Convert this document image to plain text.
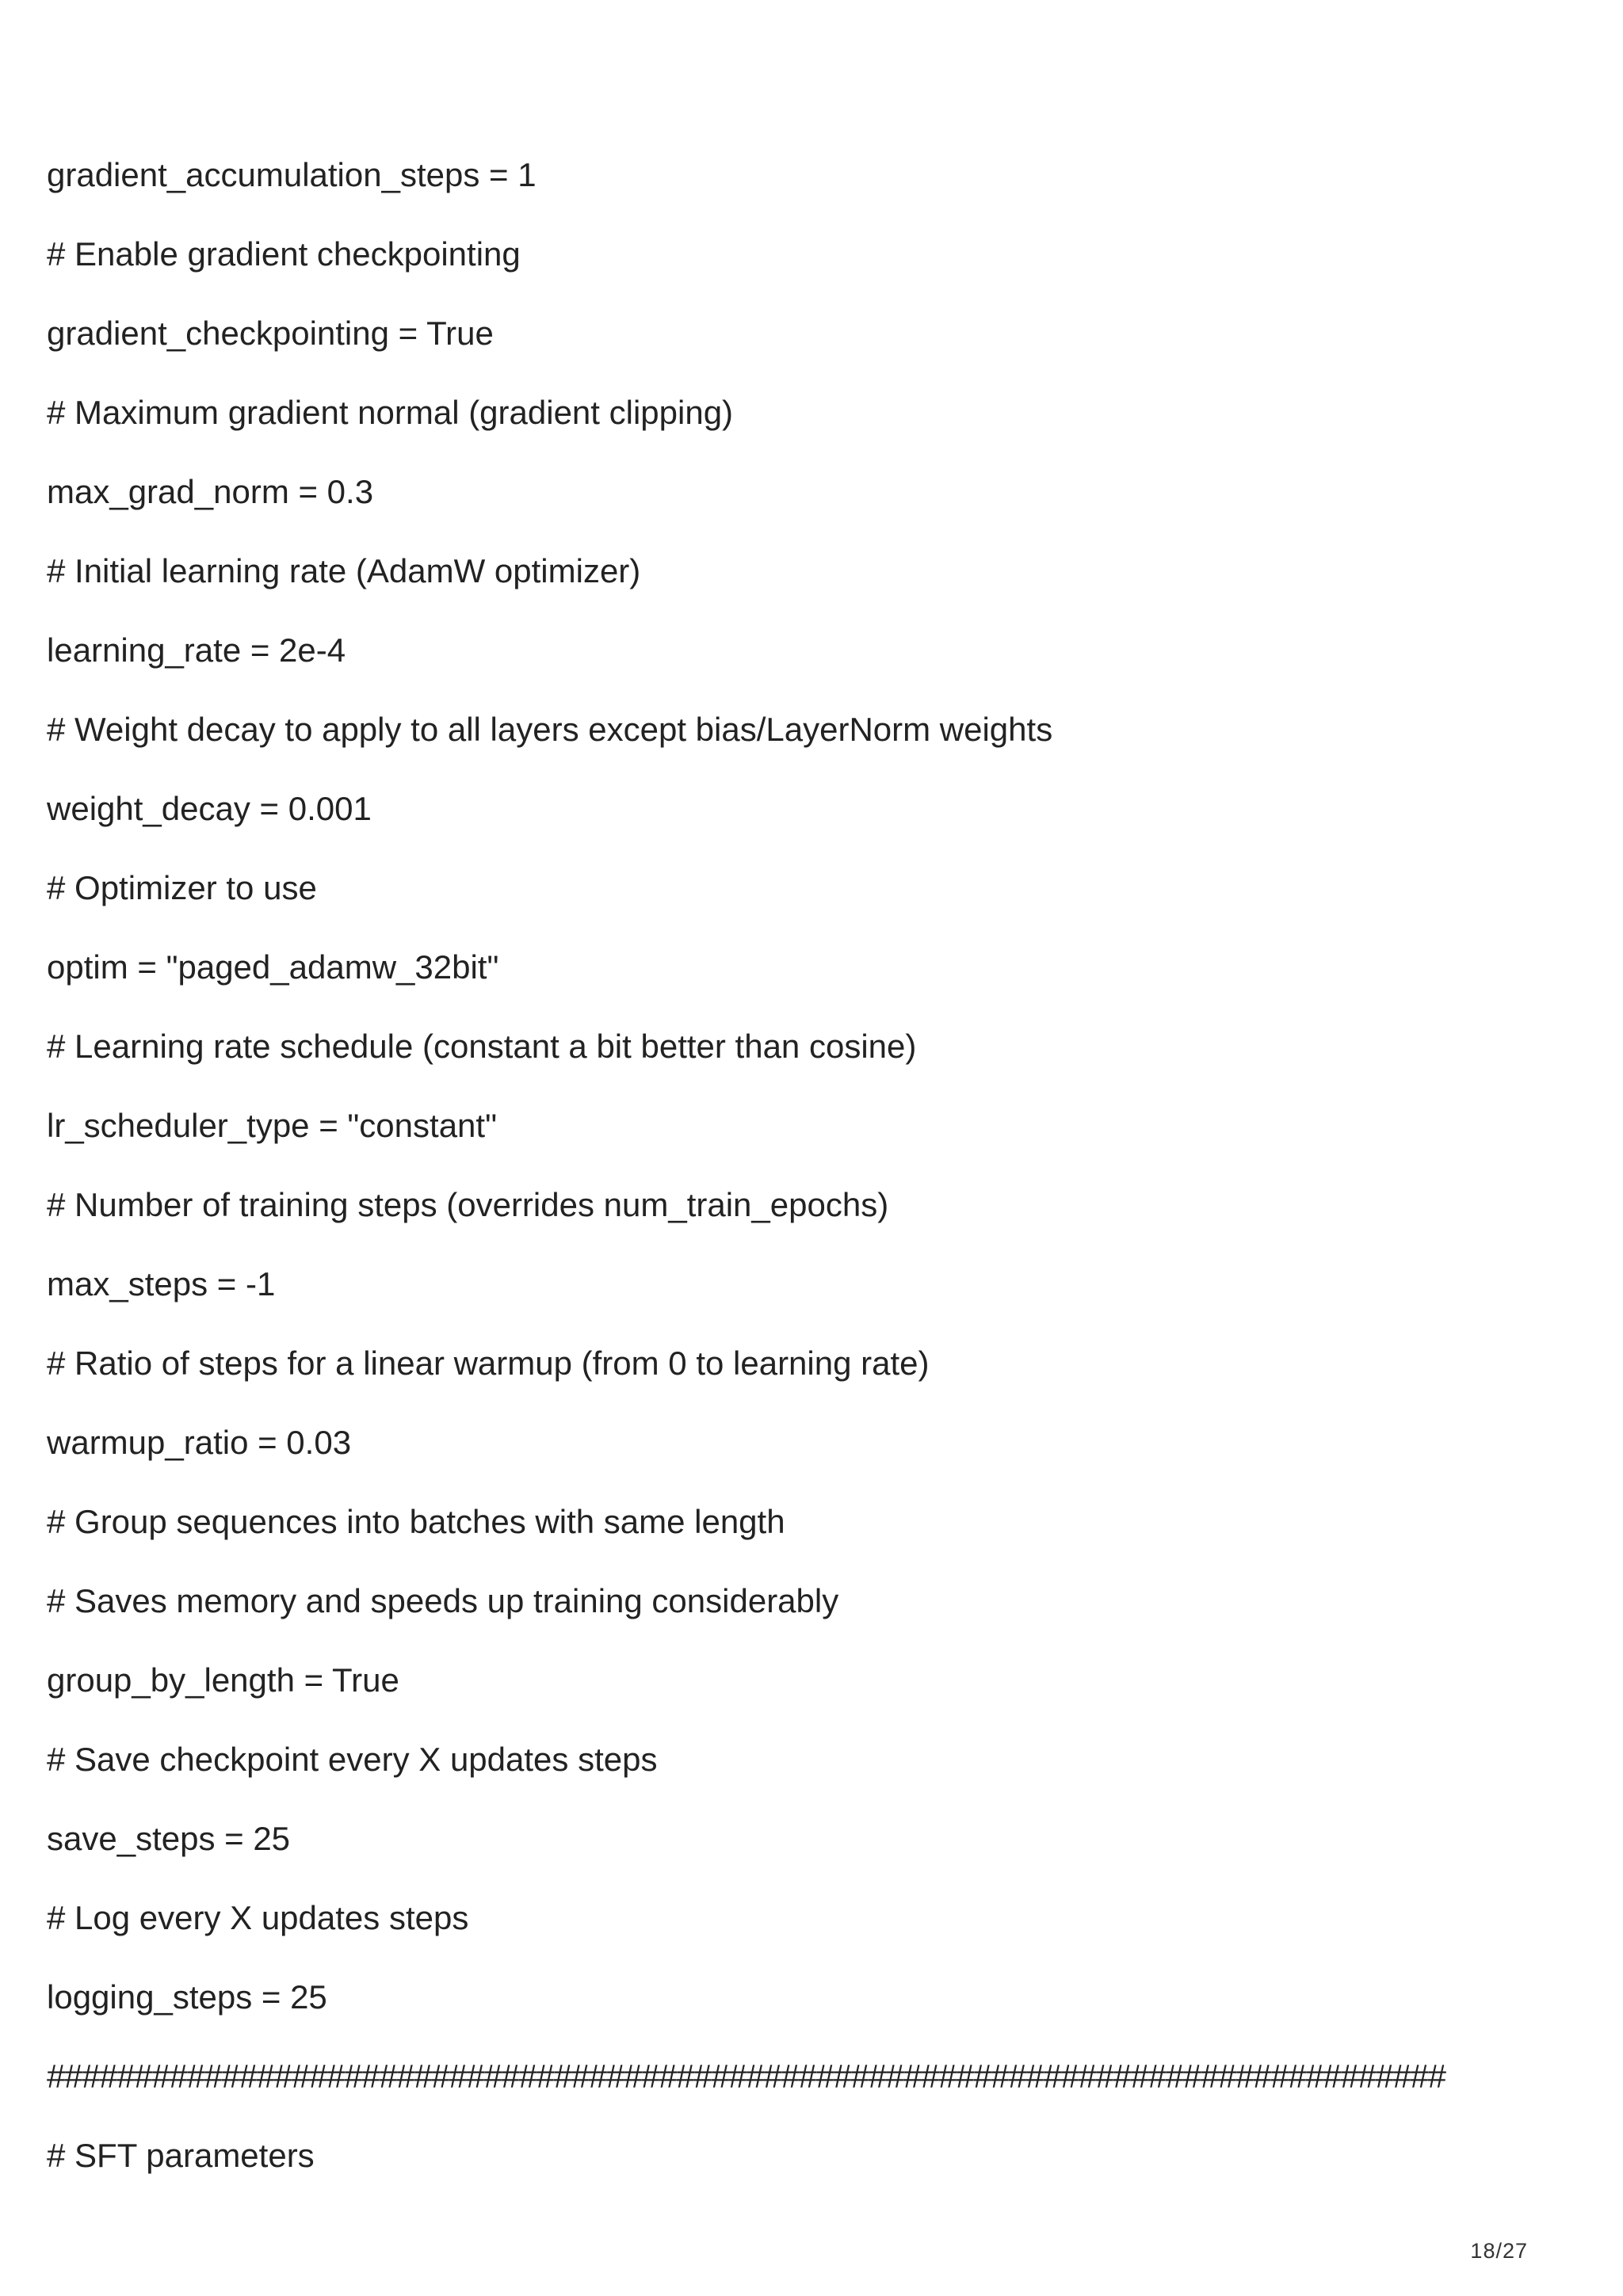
gradient_accumulation_steps = 1
# Enable gradient checkpointing
gradient_checkpointing = True
# Maximum gradient normal (gradient clipping)
max_grad_norm = 0.3
# Initial learning rate (AdamW optimizer)
learning_rate = 2e-4
# Weight decay to apply to all layers except bias/LayerNorm weights
weight_decay = 0.001
# Optimizer to use
optim = "paged_adamw_32bit"
# Learning rate schedule (constant a bit better than cosine)
lr_scheduler_type = "constant"
# Number of training steps (overrides num_train_epochs)
max_steps = -1
# Ratio of steps for a linear warmup (from 0 to learning rate)
warmup_ratio = 0.03
# Group sequences into batches with same length
# Saves memory and speeds up training considerably
group_by_length = True
# Save checkpoint every X updates steps
save_steps = 25
# Log every X updates steps
logging_steps = 25
################################################################################
# SFT parameters
18/27
